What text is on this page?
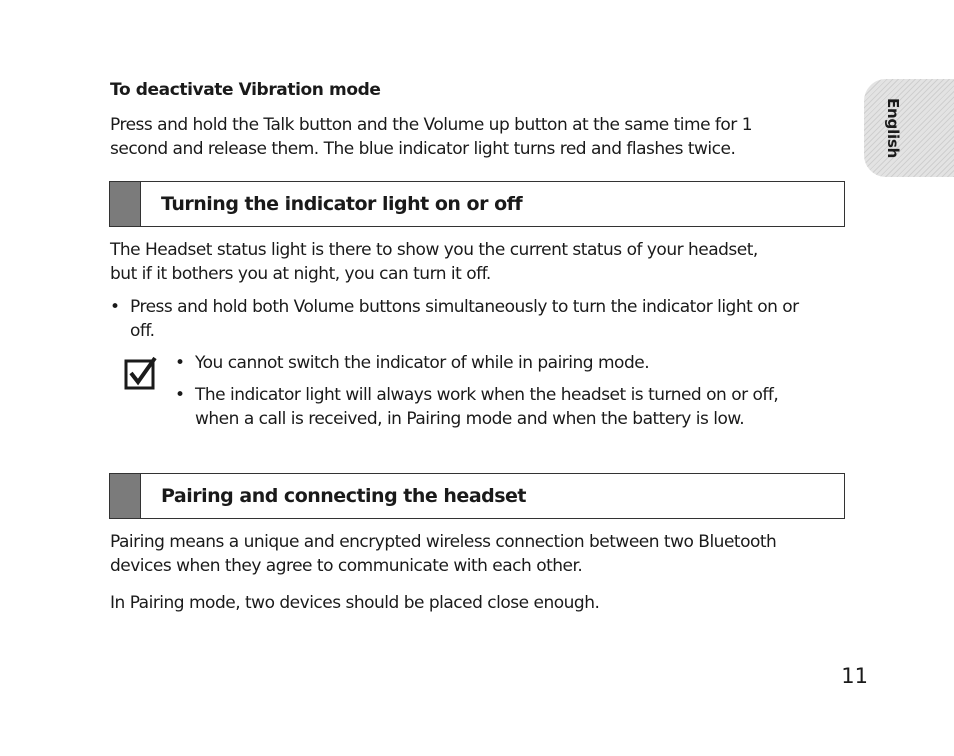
English
To deactivate Vibration mode
Press and hold the Talk button and the Volume up button at the same time for 1
second and release them. The blue indicator light turns red and flashes twice.
Turning the indicator light on or off
The Headset status light is there to show you the current status of your headset,
but if it bothers you at night, you can turn it off.
• Press and hold both Volume buttons simultaneously to turn the indicator light on or
off.
• You cannot switch the indicator of while in pairing mode.
• The indicator light will always work when the headset is turned on or off,
when a call is received, in Pairing mode and when the battery is low.
Pairing and connecting the headset
Pairing means a unique and encrypted wireless connection between two Bluetooth
devices when they agree to communicate with each other.
In Pairing mode, two devices should be placed close enough.
11
